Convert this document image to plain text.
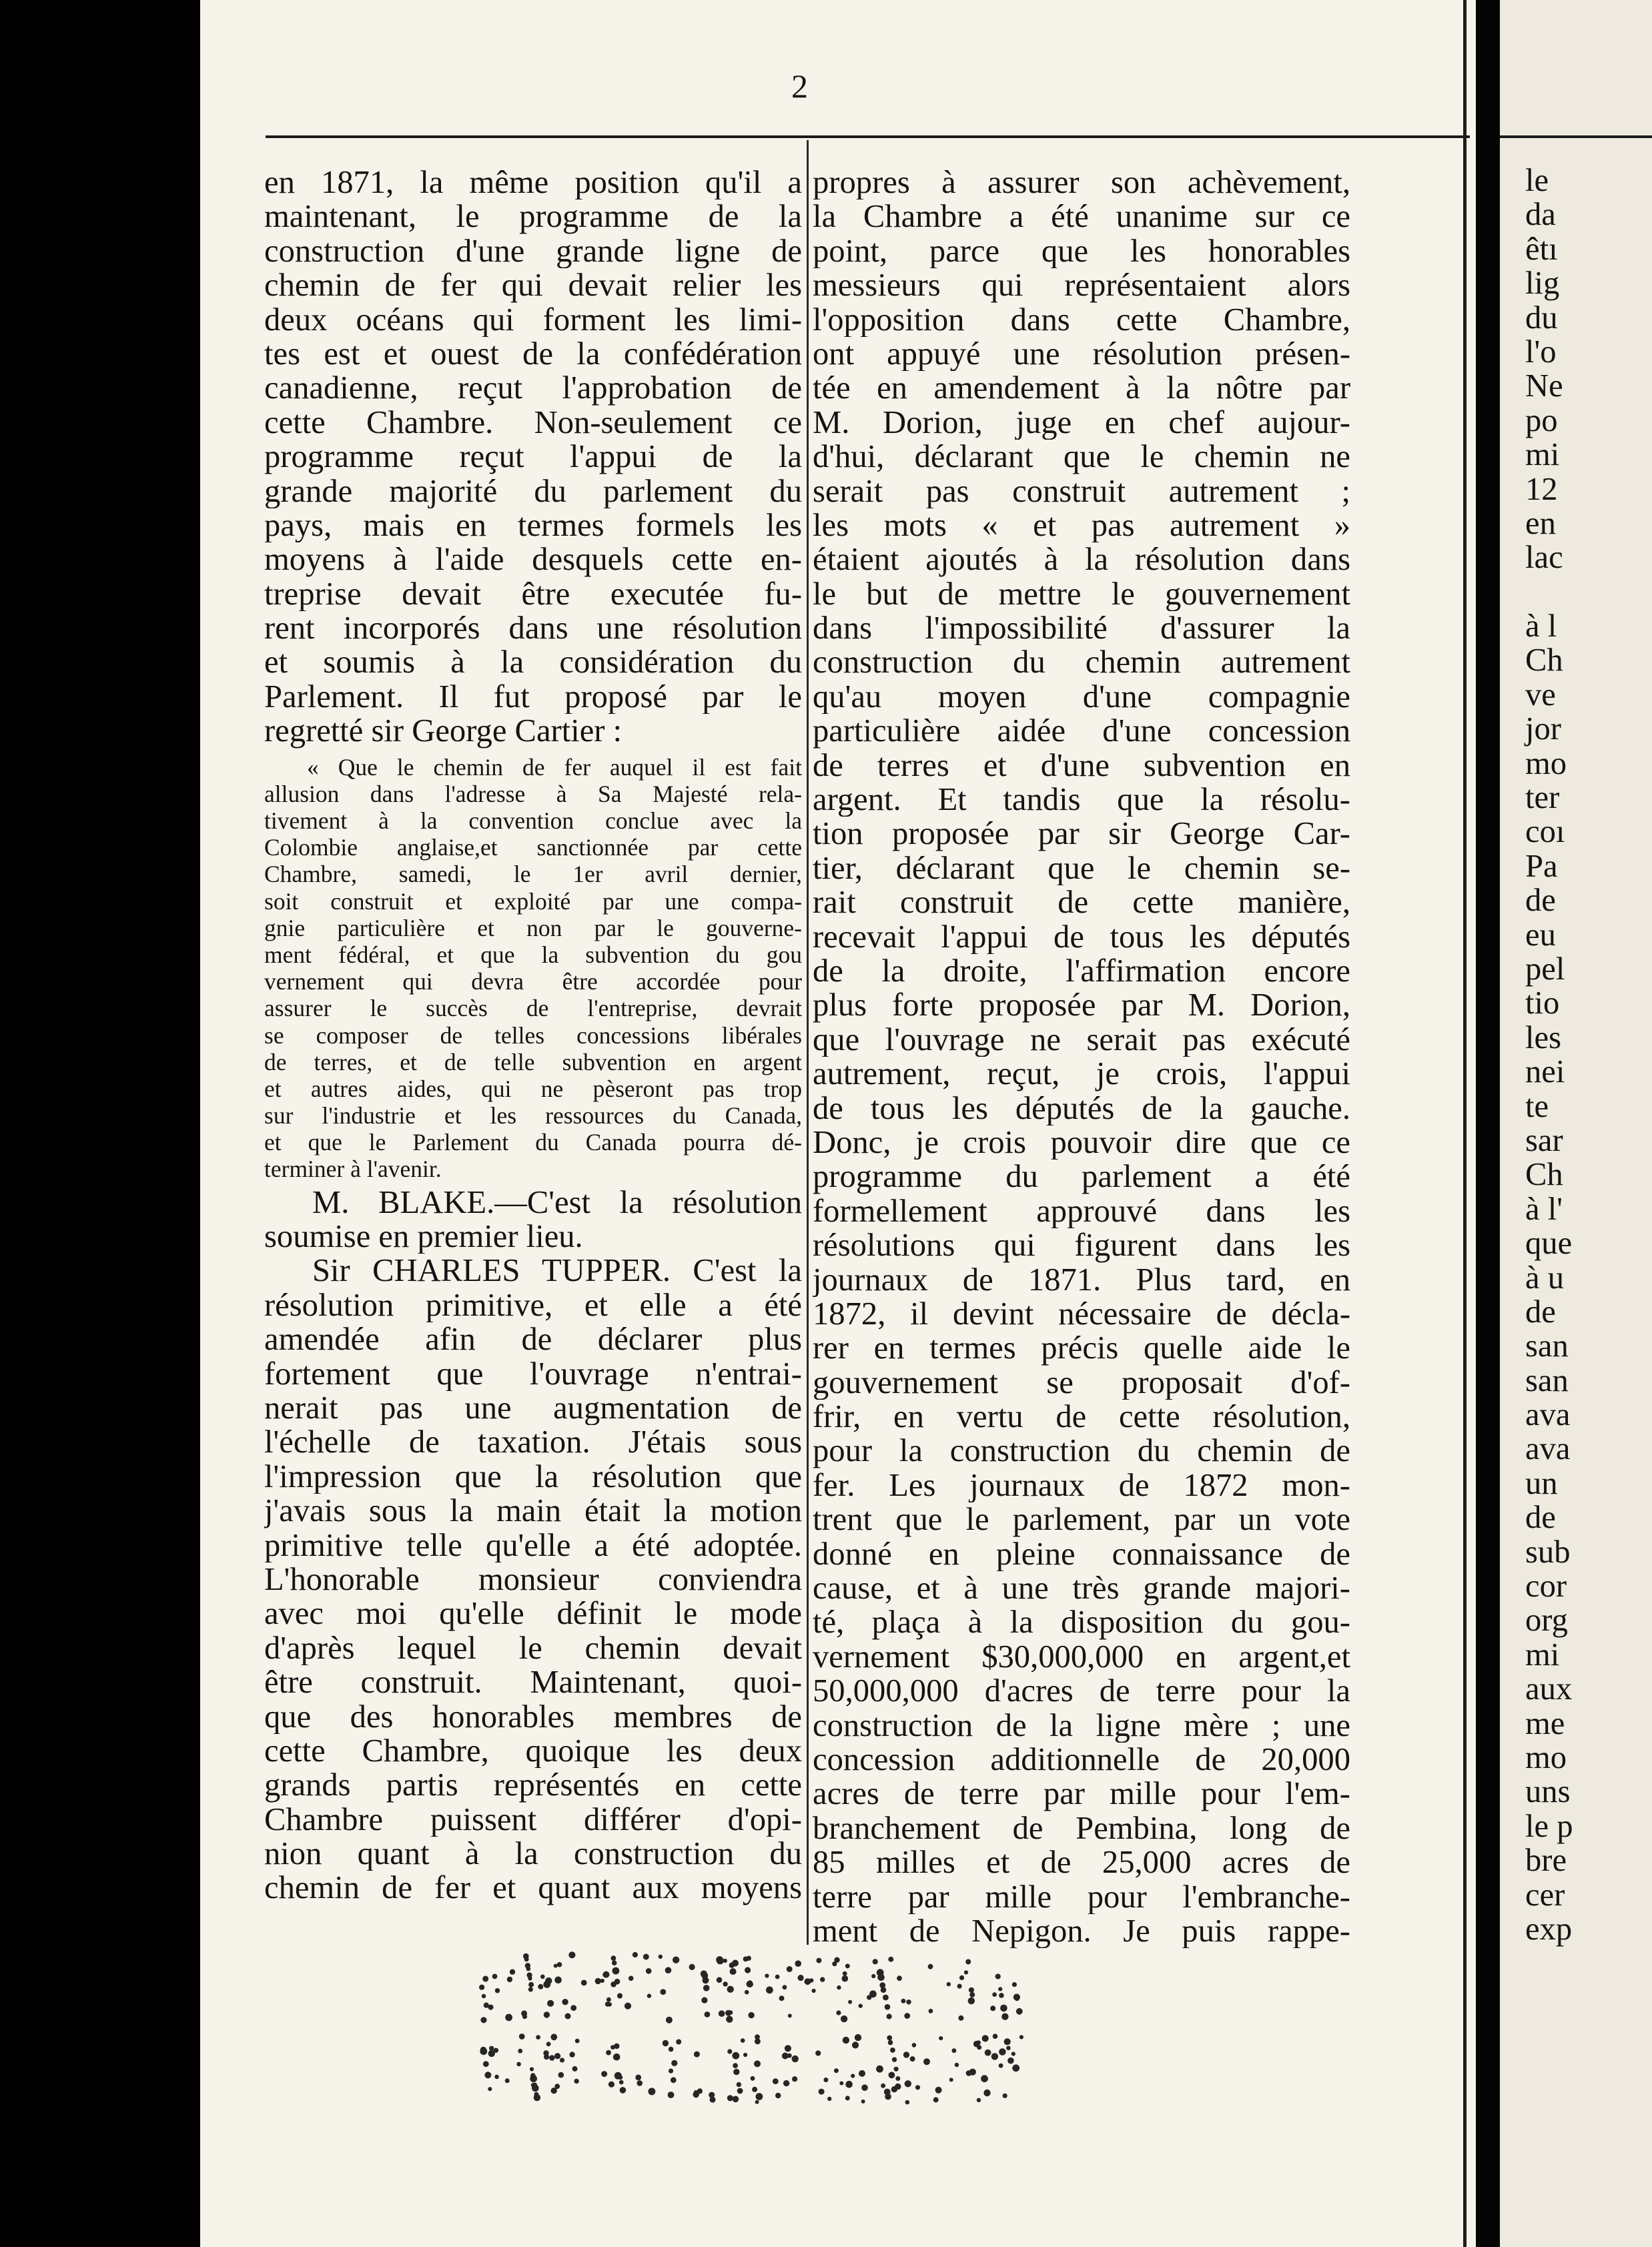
2
en 1871, la même position qu'il a
maintenant, le programme de la
construction d'une grande ligne de
chemin de fer qui devait relier les
deux océans qui forment les limi-
tes est et ouest de la confédération
canadienne, reçut l'approbation de
cette Chambre. Non-seulement ce
programme reçut l'appui de la
grande majorité du parlement du
pays, mais en termes formels les
moyens à l'aide desquels cette en-
treprise devait être executée fu-
rent incorporés dans une résolution
et soumis à la considération du
Parlement. Il fut proposé par le
regretté sir George Cartier :
« Que le chemin de fer auquel il est fait
allusion dans l'adresse à Sa Majesté rela-
tivement à la convention conclue avec la
Colombie anglaise,et sanctionnée par cette
Chambre, samedi, le 1er avril dernier,
soit construit et exploité par une compa-
gnie particulière et non par le gouverne-
ment fédéral, et que la subvention du gou
vernement qui devra être accordée pour
assurer le succès de l'entreprise, devrait
se composer de telles concessions libérales
de terres, et de telle subvention en argent
et autres aides, qui ne pèseront pas trop
sur l'industrie et les ressources du Canada,
et que le Parlement du Canada pourra dé-
terminer à l'avenir.
M. BLAKE.—C'est la résolution
soumise en premier lieu.
Sir CHARLES TUPPER. C'est la
résolution primitive, et elle a été
amendée afin de déclarer plus
fortement que l'ouvrage n'entrai-
nerait pas une augmentation de
l'échelle de taxation. J'étais sous
l'impression que la résolution que
j'avais sous la main était la motion
primitive telle qu'elle a été adoptée.
L'honorable monsieur conviendra
avec moi qu'elle définit le mode
d'après lequel le chemin devait
être construit. Maintenant, quoi-
que des honorables membres de
cette Chambre, quoique les deux
grands partis représentés en cette
Chambre puissent différer d'opi-
nion quant à la construction du
chemin de fer et quant aux moyens
propres à assurer son achèvement,
la Chambre a été unanime sur ce
point, parce que les honorables
messieurs qui représentaient alors
l'opposition dans cette Chambre,
ont appuyé une résolution présen-
tée en amendement à la nôtre par
M. Dorion, juge en chef aujour-
d'hui, déclarant que le chemin ne
serait pas construit autrement ;
les mots « et pas autrement »
étaient ajoutés à la résolution dans
le but de mettre le gouvernement
dans l'impossibilité d'assurer la
construction du chemin autrement
qu'au moyen d'une compagnie
particulière aidée d'une concession
de terres et d'une subvention en
argent. Et tandis que la résolu-
tion proposée par sir George Car-
tier, déclarant que le chemin se-
rait construit de cette manière,
recevait l'appui de tous les députés
de la droite, l'affirmation encore
plus forte proposée par M. Dorion,
que l'ouvrage ne serait pas exécuté
autrement, reçut, je crois, l'appui
de tous les députés de la gauche.
Donc, je crois pouvoir dire que ce
programme du parlement a été
formellement approuvé dans les
résolutions qui figurent dans les
journaux de 1871. Plus tard, en
1872, il devint nécessaire de décla-
rer en termes précis quelle aide le
gouvernement se proposait d'of-
frir, en vertu de cette résolution,
pour la construction du chemin de
fer. Les journaux de 1872 mon-
trent que le parlement, par un vote
donné en pleine connaissance de
cause, et à une très grande majori-
té, plaça à la disposition du gou-
vernement $30,000,000 en argent,et
50,000,000 d'acres de terre pour la
construction de la ligne mère ; une
concession additionnelle de 20,000
acres de terre par mille pour l'em-
branchement de Pembina, long de
85 milles et de 25,000 acres de
terre par mille pour l'embranche-
ment de Nepigon. Je puis rappe-
le
da
êtı
lig
du
l'o
Ne
po
mi
12
en
lac
à l
Ch
ve
jor
mo
ter
coı
Pa
de
eu
pel
tio
les
nei
te
sar
Ch
à l'
que
à u
de
san
san
ava
ava
un
de
sub
cor
org
mi
aux
me
mo
uns
le p
bre
cer
exp
